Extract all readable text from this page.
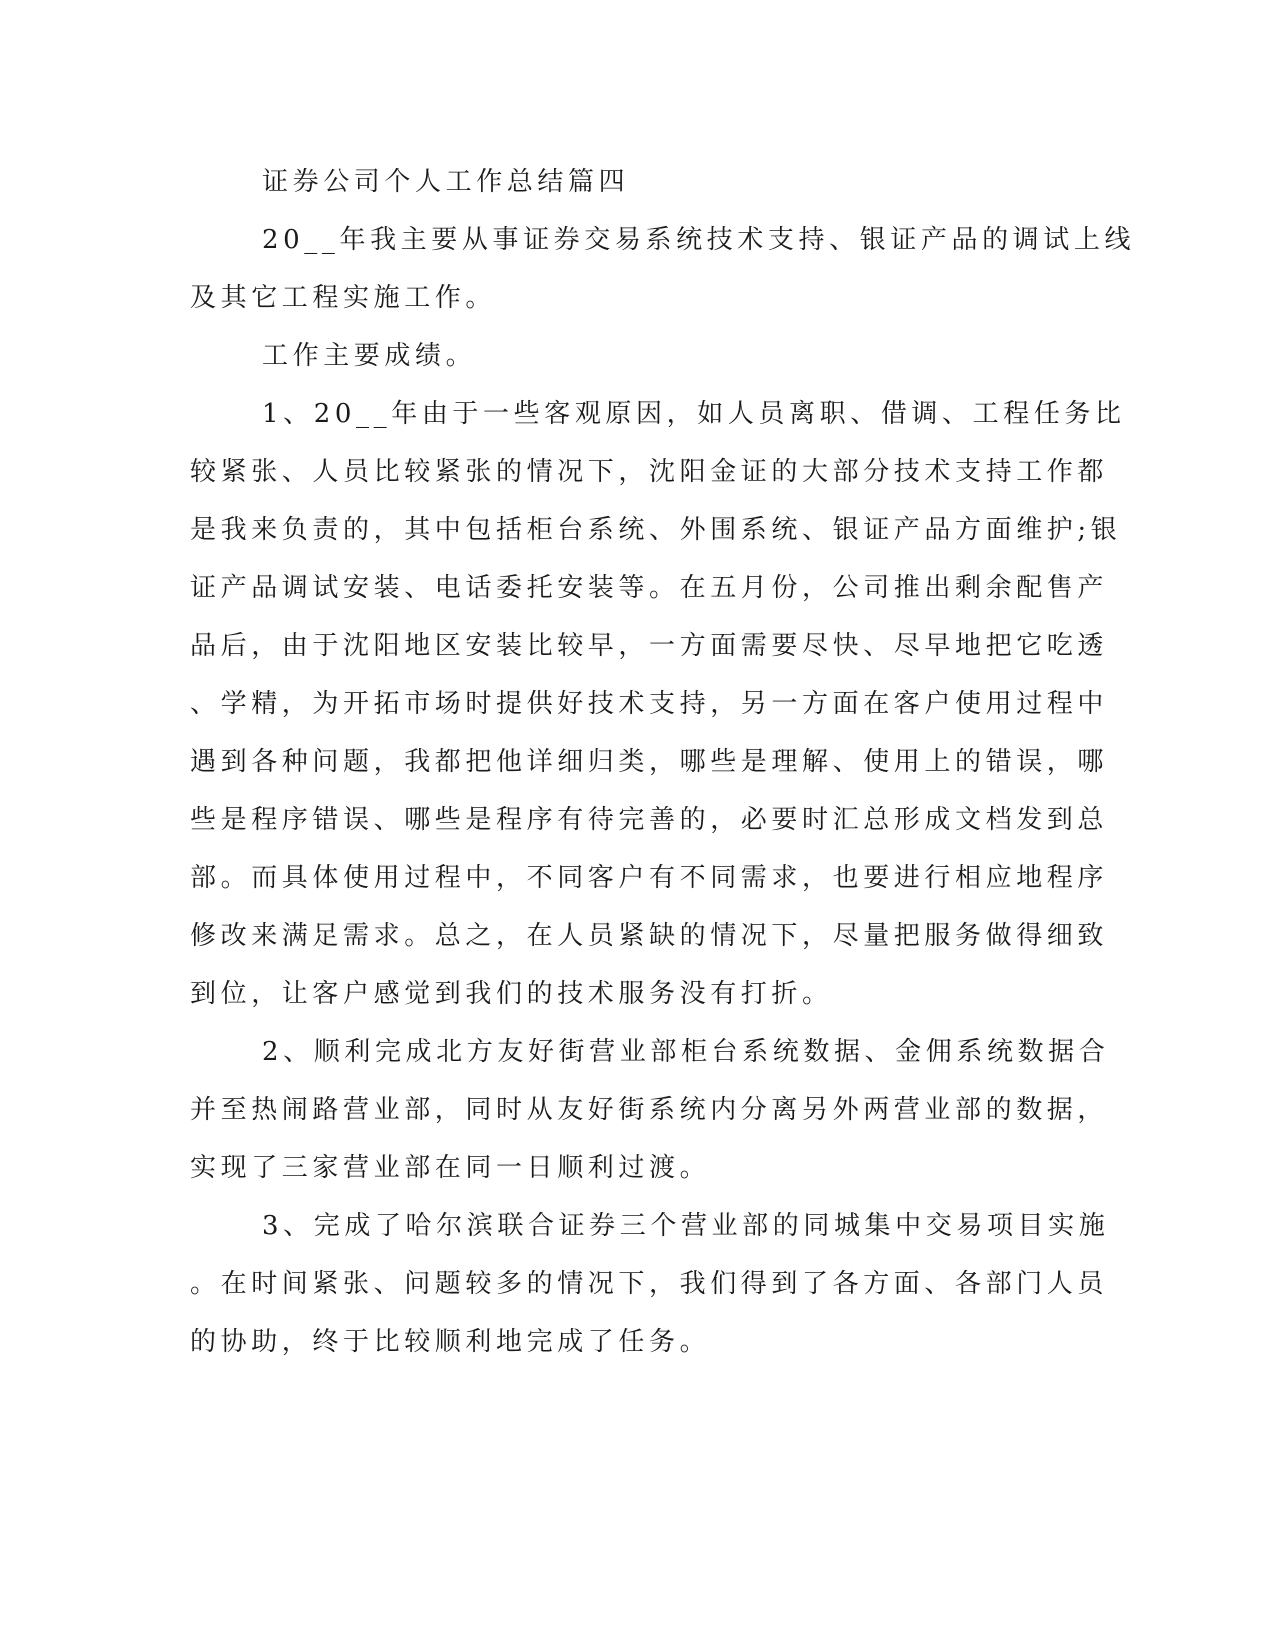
证券公司个人工作总结篇四
20__年我主要从事证券交易系统技术支持、银证产品的调试上线
及其它工程实施工作。
工作主要成绩。
1、20__年由于一些客观原因，如人员离职、借调、工程任务比
较紧张、人员比较紧张的情况下，沈阳金证的大部分技术支持工作都
是我来负责的，其中包括柜台系统、外围系统、银证产品方面维护;银
证产品调试安装、电话委托安装等。在五月份，公司推出剩余配售产
品后，由于沈阳地区安装比较早，一方面需要尽快、尽早地把它吃透
、学精，为开拓市场时提供好技术支持，另一方面在客户使用过程中
遇到各种问题，我都把他详细归类，哪些是理解、使用上的错误，哪
些是程序错误、哪些是程序有待完善的，必要时汇总形成文档发到总
部。而具体使用过程中，不同客户有不同需求，也要进行相应地程序
修改来满足需求。总之，在人员紧缺的情况下，尽量把服务做得细致
到位，让客户感觉到我们的技术服务没有打折。
2、顺利完成北方友好街营业部柜台系统数据、金佣系统数据合
并至热闹路营业部，同时从友好街系统内分离另外两营业部的数据，
实现了三家营业部在同一日顺利过渡。
3、完成了哈尔滨联合证券三个营业部的同城集中交易项目实施
。在时间紧张、问题较多的情况下，我们得到了各方面、各部门人员
的协助，终于比较顺利地完成了任务。
